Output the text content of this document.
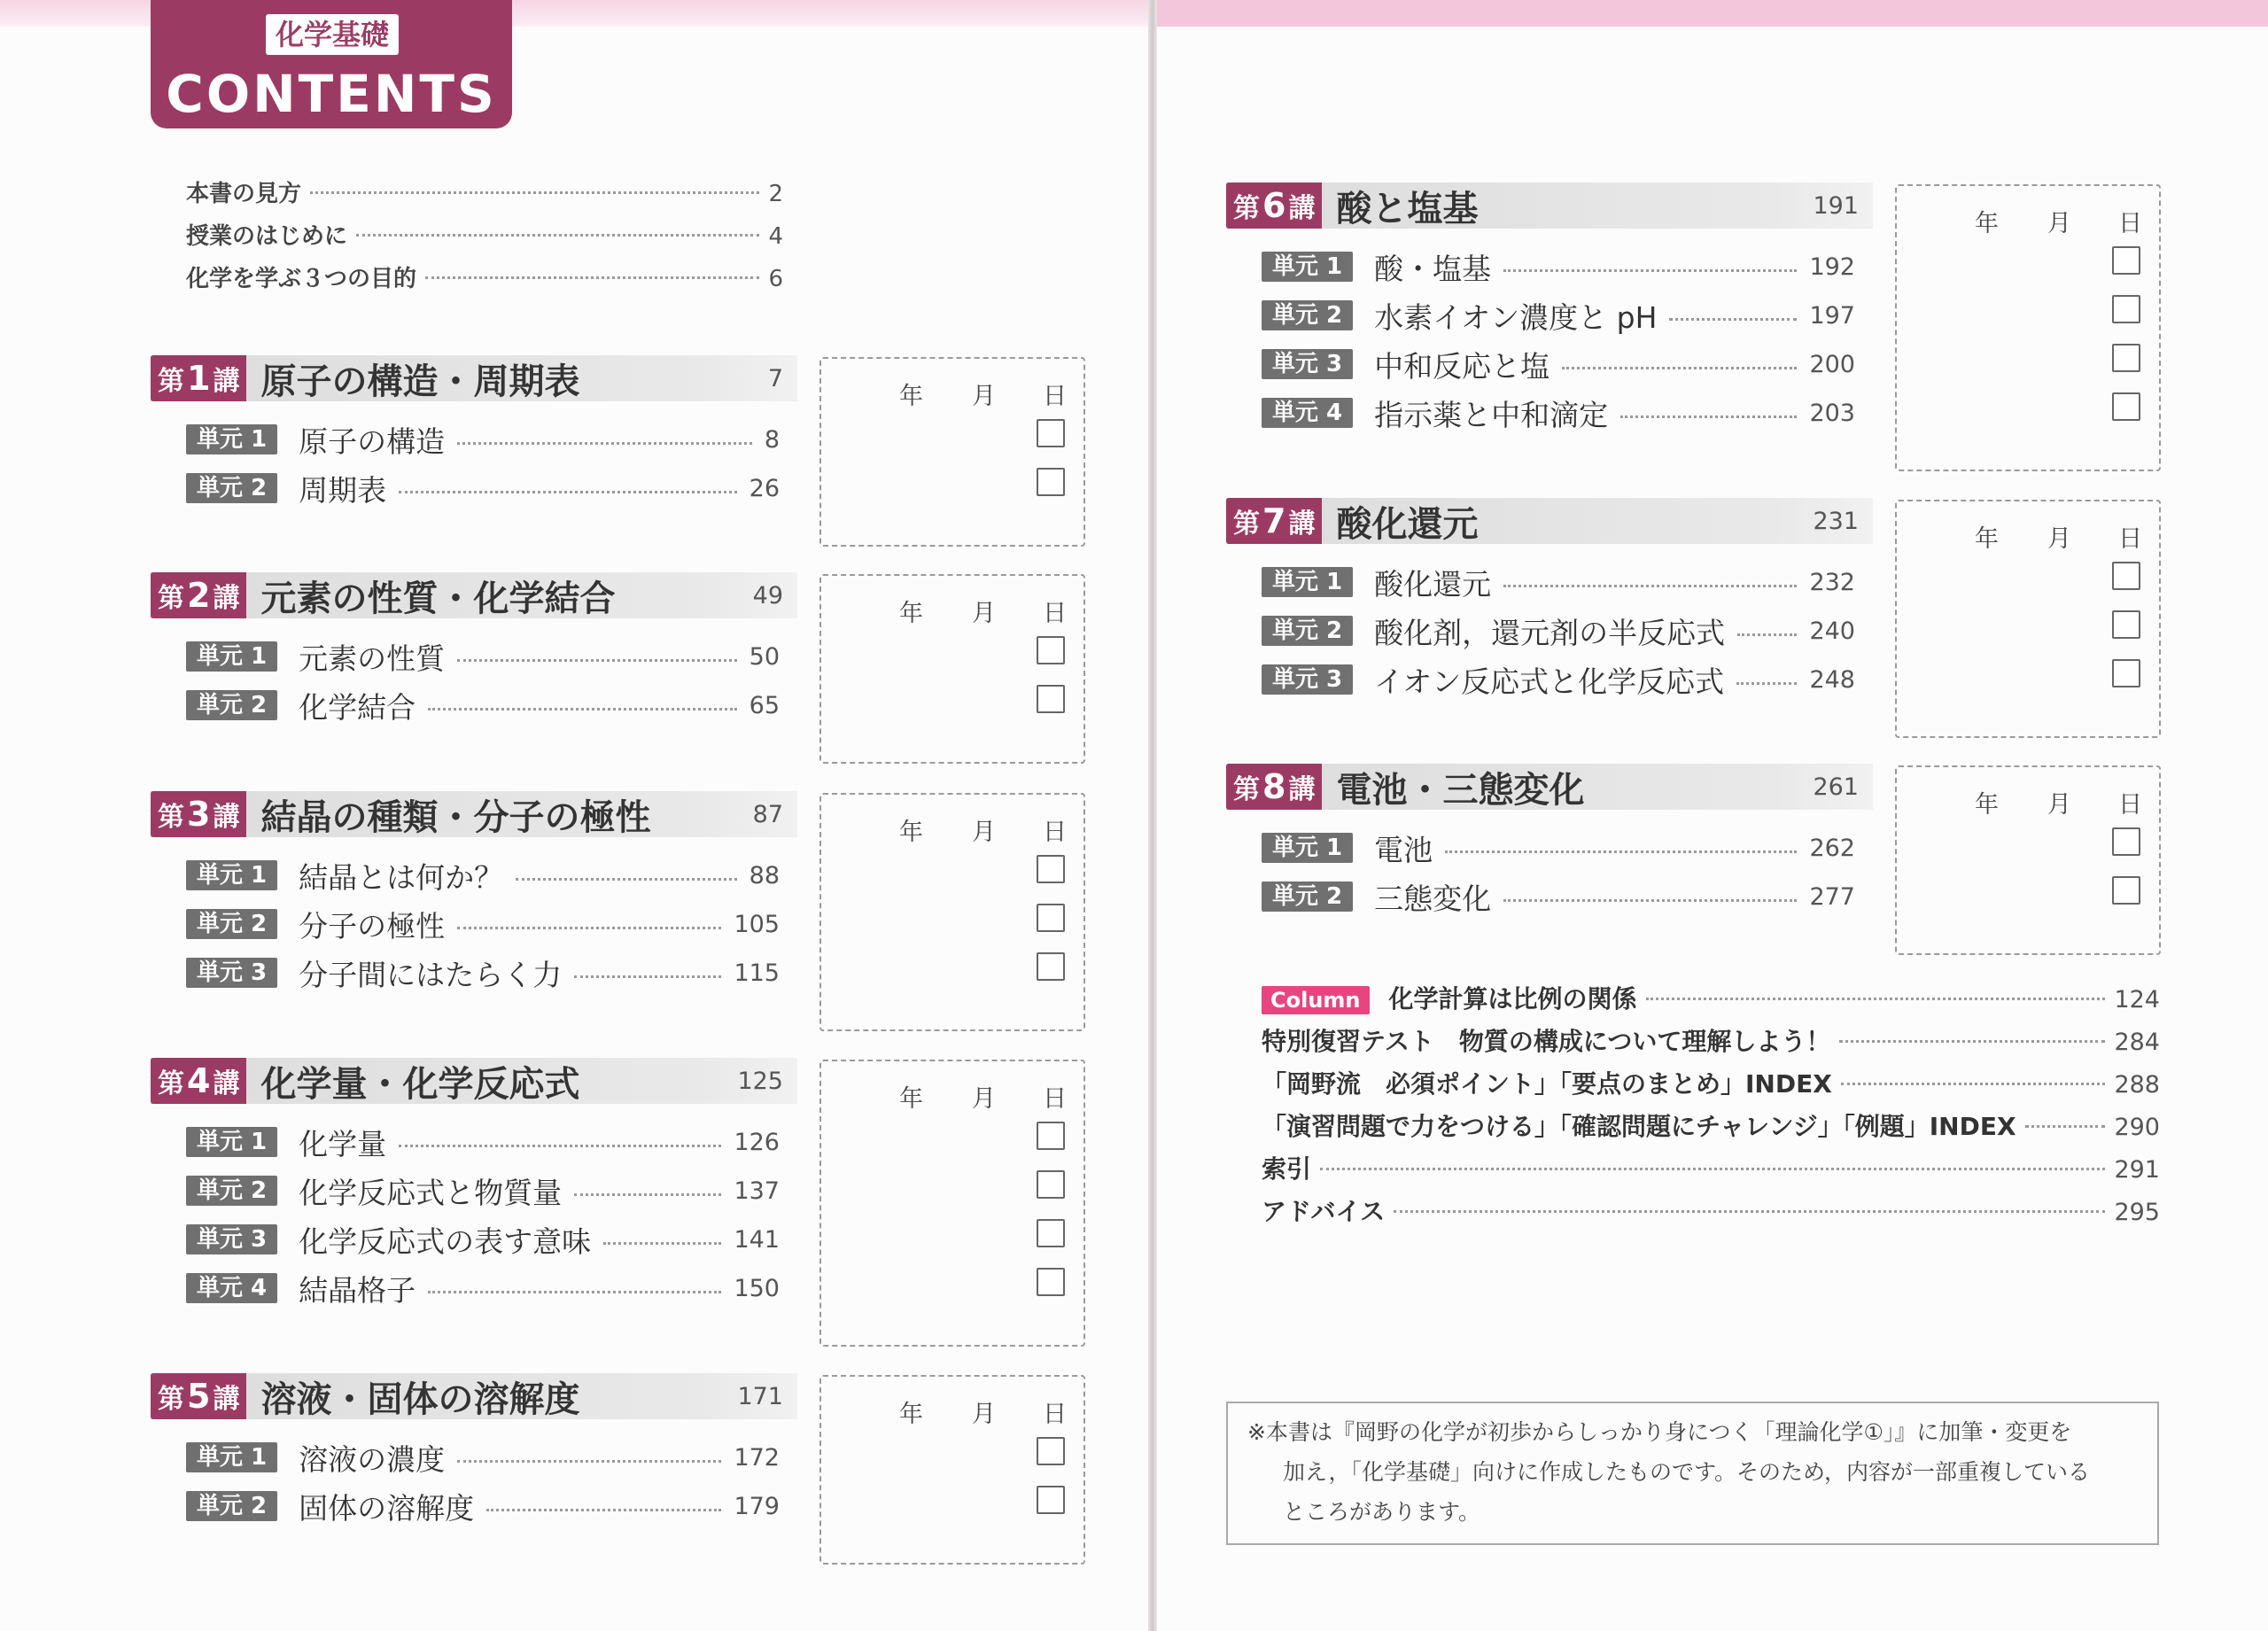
化学基礎
CONTENTS
本書の見方	2
授業のはじめに	4
化学を学ぶ３つの目的	6
第 1 講 原子の構造・周期表	7
単元 1	原子の構造	8
単元 2	周期表	26
年 月 日
第 2 講 元素の性質・化学結合	49
単元 1	元素の性質	50
単元 2	化学結合	65
年 月 日
第 3 講 結晶の種類・分子の極性	87
単元 1	結晶とは何か？	88
単元 2	分子の極性	105
単元 3	分子間にはたらく力	115
年 月 日
第 4 講 化学量・化学反応式	125
単元 1	化学量	126
単元 2	化学反応式と物質量	137
単元 3	化学反応式の表す意味	141
単元 4	結晶格子	150
年 月 日
第 5 講 溶液・固体の溶解度	171
単元 1	溶液の濃度	172
単元 2	固体の溶解度	179
年 月 日
第 6 講 酸と塩基	191
単元 1	酸・塩基	192
単元 2	水素イオン濃度と pH	197
単元 3	中和反応と塩	200
単元 4	指示薬と中和滴定	203
年 月 日
第 7 講 酸化還元	231
単元 1	酸化還元	232
単元 2	酸化剤，還元剤の半反応式	240
単元 3	イオン反応式と化学反応式	248
年 月 日
第 8 講 電池・三態変化	261
単元 1	電池	262
単元 2	三態変化	277
年 月 日
Column	化学計算は比例の関係	124
特別復習テスト　物質の構成について理解しよう！	284
「岡野流　必須ポイント」「要点のまとめ」INDEX	288
「演習問題で力をつける」「確認問題にチャレンジ」「例題」INDEX	290
索引	291
アドバイス	295

※本書は『岡野の化学が初歩からしっかり身につく「理論化学①」』に加筆・変更を

加え，「化学基礎」向けに作成したものです。そのため，内容が一部重複している

ところがあります。
